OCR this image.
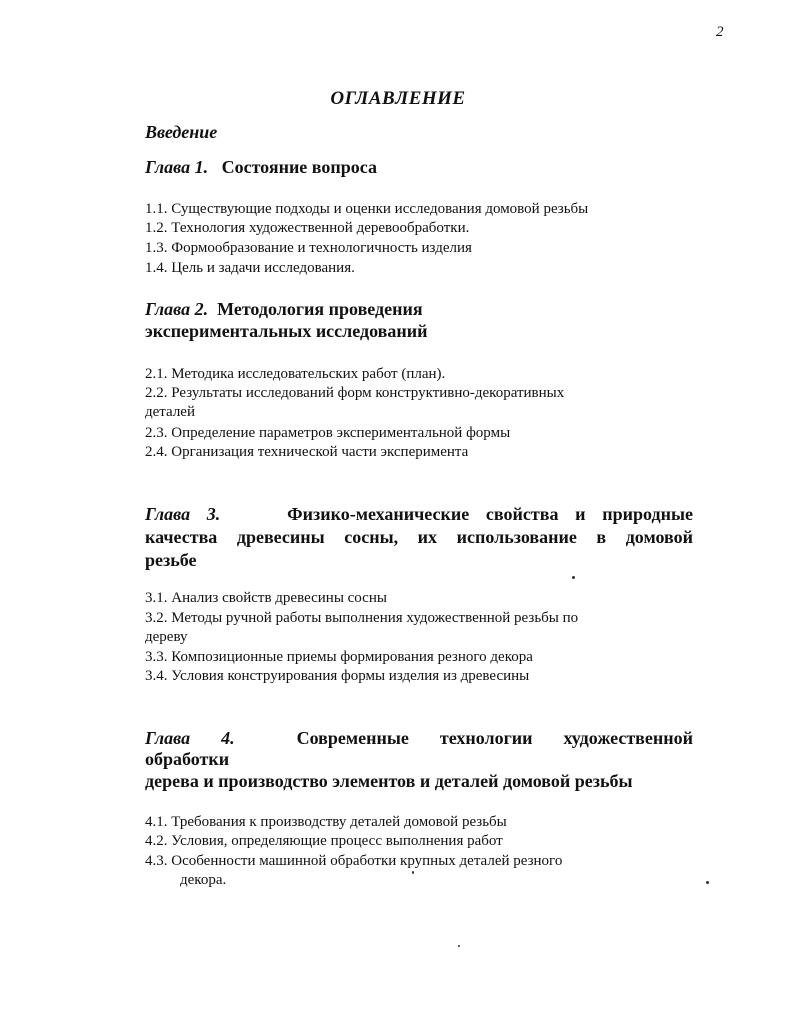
2
ОГЛАВЛЕНИЕ
Введение
Глава 1. Состояние вопроса
1.1. Существующие подходы и оценки исследования домовой резьбы
1.2. Технология художественной деревообработки.
1.3. Формообразование и технологичность изделия
1.4. Цель и задачи исследования.
Глава 2. Методология проведения
экспериментальных исследований
2.1. Методика исследовательских работ (план).
2.2. Результаты исследований форм конструктивно-декоративных
деталей
2.3. Определение параметров экспериментальной формы
2.4. Организация технической части эксперимента
Глава 3.	Физико-механические свойства и природные
качества древесины сосны, их использование в домовой
резьбе
3.1. Анализ свойств древесины сосны
3.2. Методы ручной работы выполнения художественной резьбы по
дереву
3.3. Композиционные приемы формирования резного декора
3.4. Условия конструирования формы изделия из древесины
Глава 4.	Современные технологии художественной
обработки
дерева и производство элементов и деталей домовой резьбы
4.1. Требования к производству деталей домовой резьбы
4.2. Условия, определяющие процесс выполнения работ
4.3. Особенности машинной обработки крупных деталей резного
декора.
